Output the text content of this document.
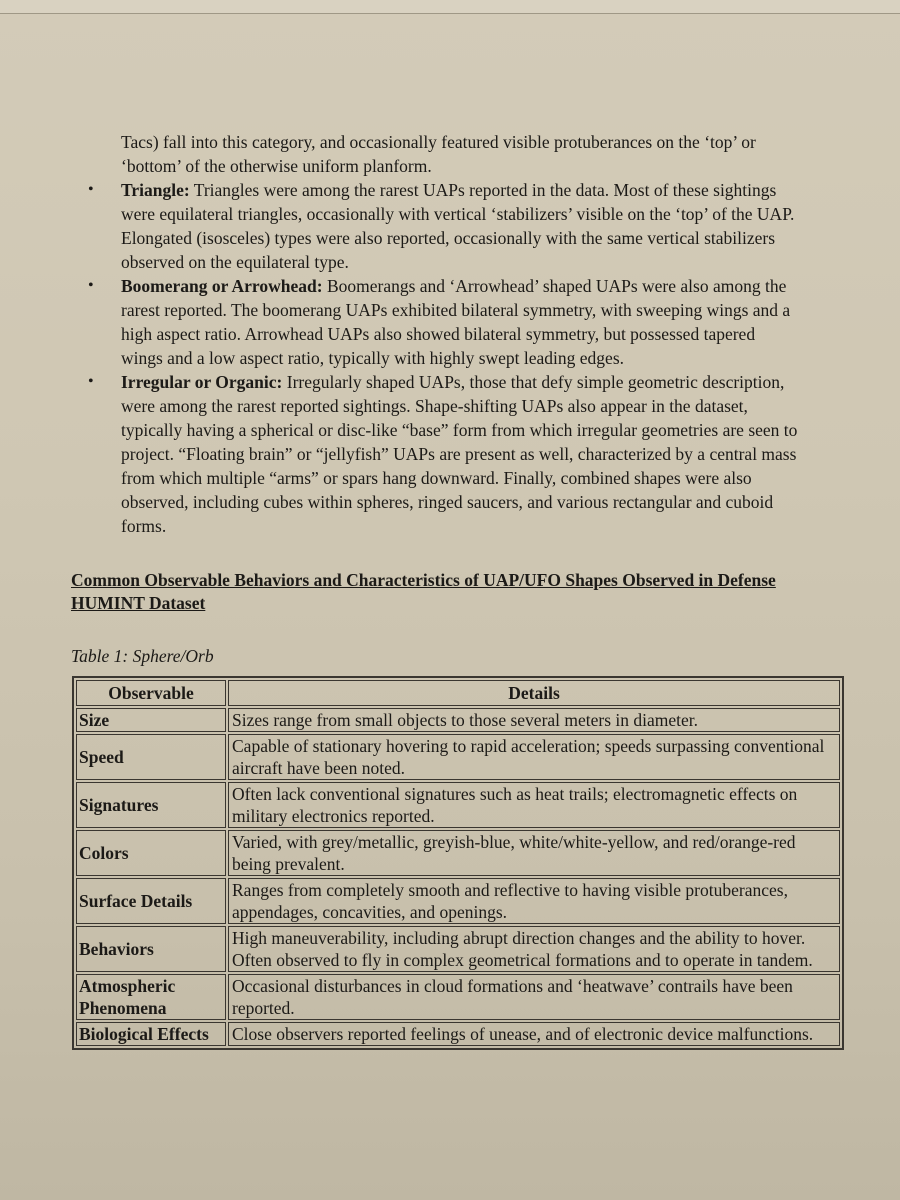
Tacs) fall into this category, and occasionally featured visible protuberances on the ‘top’ or ‘bottom’ of the otherwise uniform planform.

• Triangle: Triangles were among the rarest UAPs reported in the data. Most of these sightings were equilateral triangles, occasionally with vertical ‘stabilizers’ visible on the ‘top’ of the UAP. Elongated (isosceles) types were also reported, occasionally with the same vertical stabilizers observed on the equilateral type.
• Boomerang or Arrowhead: Boomerangs and ‘Arrowhead’ shaped UAPs were also among the rarest reported. The boomerang UAPs exhibited bilateral symmetry, with sweeping wings and a high aspect ratio. Arrowhead UAPs also showed bilateral symmetry, but possessed tapered wings and a low aspect ratio, typically with highly swept leading edges.
• Irregular or Organic: Irregularly shaped UAPs, those that defy simple geometric description, were among the rarest reported sightings. Shape-shifting UAPs also appear in the dataset, typically having a spherical or disc-like “base” form from which irregular geometries are seen to project. “Floating brain” or “jellyfish” UAPs are present as well, characterized by a central mass from which multiple “arms” or spars hang downward. Finally, combined shapes were also observed, including cubes within spheres, ringed saucers, and various rectangular and cuboid forms.
Common Observable Behaviors and Characteristics of UAP/UFO Shapes Observed in Defense HUMINT Dataset
Table 1: Sphere/Orb
Observable	Details
Size	Sizes range from small objects to those several meters in diameter.
Speed	Capable of stationary hovering to rapid acceleration; speeds surpassing conventional aircraft have been noted.
Signatures	Often lack conventional signatures such as heat trails; electromagnetic effects on military electronics reported.
Colors	Varied, with grey/metallic, greyish-blue, white/white-yellow, and red/orange-red being prevalent.
Surface Details	Ranges from completely smooth and reflective to having visible protuberances, appendages, concavities, and openings.
Behaviors	High maneuverability, including abrupt direction changes and the ability to hover. Often observed to fly in complex geometrical formations and to operate in tandem.
Atmospheric Phenomena	Occasional disturbances in cloud formations and ‘heatwave’ contrails have been reported.
Biological Effects	Close observers reported feelings of unease, and of electronic device malfunctions.
